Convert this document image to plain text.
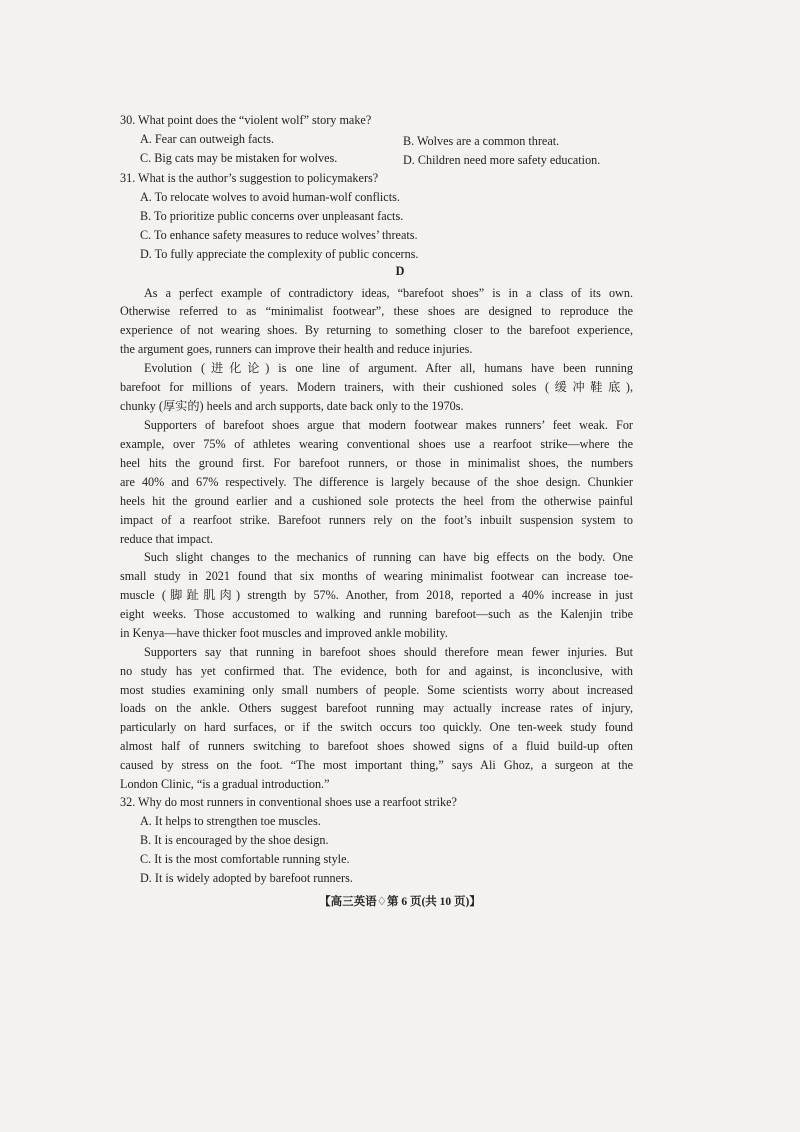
30. What point does the “violent wolf” story make?
A. Fear can outweigh facts.	B. Wolves are a common threat.
C. Big cats may be mistaken for wolves.	D. Children need more safety education.
31. What is the author’s suggestion to policymakers?
A. To relocate wolves to avoid human-wolf conflicts.
B. To prioritize public concerns over unpleasant facts.
C. To enhance safety measures to reduce wolves’ threats.
D. To fully appreciate the complexity of public concerns.
D
As a perfect example of contradictory ideas, “barefoot shoes” is in a class of its own.
Otherwise referred to as “minimalist footwear”, these shoes are designed to reproduce the
experience of not wearing shoes. By returning to something closer to the barefoot experience,
the argument goes, runners can improve their health and reduce injuries.
Evolution (进化论) is one line of argument. After all, humans have been running
barefoot for millions of years. Modern trainers, with their cushioned soles (缓冲鞋底),
chunky (厚实的) heels and arch supports, date back only to the 1970s.
Supporters of barefoot shoes argue that modern footwear makes runners’ feet weak. For
example, over 75% of athletes wearing conventional shoes use a rearfoot strike—where the
heel hits the ground first. For barefoot runners, or those in minimalist shoes, the numbers
are 40% and 67% respectively. The difference is largely because of the shoe design. Chunkier
heels hit the ground earlier and a cushioned sole protects the heel from the otherwise painful
impact of a rearfoot strike. Barefoot runners rely on the foot’s inbuilt suspension system to
reduce that impact.
Such slight changes to the mechanics of running can have big effects on the body. One
small study in 2021 found that six months of wearing minimalist footwear can increase toe-
muscle (脚趾肌肉) strength by 57%. Another, from 2018, reported a 40% increase in just
eight weeks. Those accustomed to walking and running barefoot—such as the Kalenjin tribe
in Kenya—have thicker foot muscles and improved ankle mobility.
Supporters say that running in barefoot shoes should therefore mean fewer injuries. But
no study has yet confirmed that. The evidence, both for and against, is inconclusive, with
most studies examining only small numbers of people. Some scientists worry about increased
loads on the ankle. Others suggest barefoot running may actually increase rates of injury,
particularly on hard surfaces, or if the switch occurs too quickly. One ten-week study found
almost half of runners switching to barefoot shoes showed signs of a fluid build-up often
caused by stress on the foot. “The most important thing,” says Ali Ghoz, a surgeon at the
London Clinic, “is a gradual introduction.”
32. Why do most runners in conventional shoes use a rearfoot strike?
A. It helps to strengthen toe muscles.
B. It is encouraged by the shoe design.
C. It is the most comfortable running style.
D. It is widely adopted by barefoot runners.
【高三英语♢第 6 页(共 10 页)】
